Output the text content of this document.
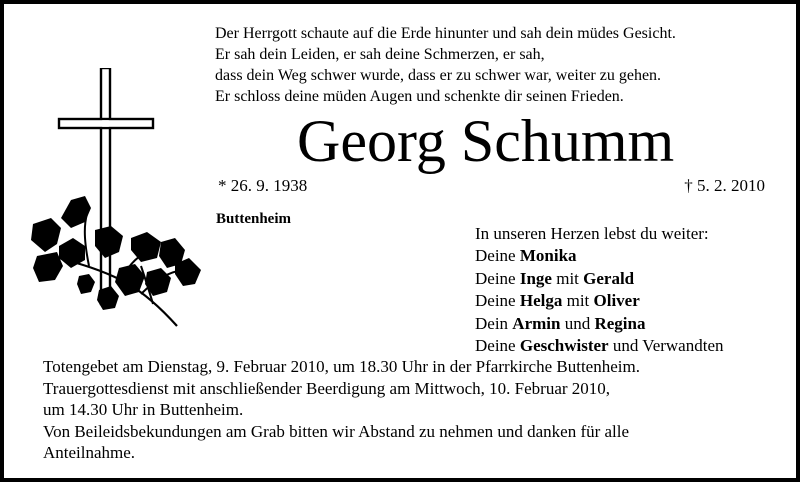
Der Herrgott schaute auf die Erde hinunter und sah dein müdes Gesicht.
Er sah dein Leiden, er sah deine Schmerzen, er sah,
dass dein Weg schwer wurde, dass er zu schwer war, weiter zu gehen.
Er schloss deine müden Augen und schenkte dir seinen Frieden.
Georg Schumm
* 26. 9. 1938	† 5. 2. 2010
Buttenheim
In unseren Herzen lebst du weiter:
Deine Monika
Deine Inge mit Gerald
Deine Helga mit Oliver
Dein Armin und Regina
Deine Geschwister und Verwandten
Totengebet am Dienstag, 9. Februar 2010, um 18.30 Uhr in der Pfarrkirche Buttenheim.
Trauergottesdienst mit anschließender Beerdigung am Mittwoch, 10. Februar 2010,
um 14.30 Uhr in Buttenheim.
Von Beileidsbekundungen am Grab bitten wir Abstand zu nehmen und danken für alle
Anteilnahme.
